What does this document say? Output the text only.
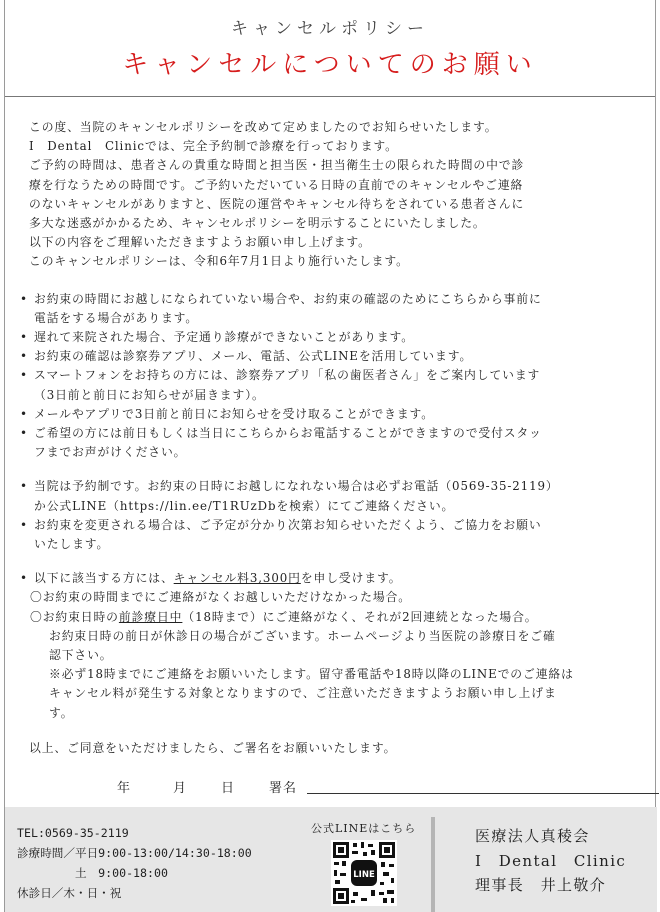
キャンセルポリシー
キャンセルについてのお願い

この度、当院のキャンセルポリシーを改めて定めましたのでお知らせいたします。

I　Dental　Clinicでは、完全予約制で診療を行っております。

ご予約の時間は、患者さんの貴重な時間と担当医・担当衛生士の限られた時間の中で診

療を行なうための時間です。ご予約いただいている日時の直前でのキャンセルやご連絡

のないキャンセルがありますと、医院の運営やキャンセル待ちをされている患者さんに

多大な迷惑がかかるため、キャンセルポリシーを明示することにいたしました。

以下の内容をご理解いただきますようお願い申し上げます。

このキャンセルポリシーは、令和6年7月1日より施行いたします。

• お約束の時間にお越しになられていない場合や、お約束の確認のためにこちらから事前に
電話をする場合があります。
• 遅れて来院された場合、予定通り診療ができないことがあります。
• お約束の確認は診察券アプリ、メール、電話、公式LINEを活用しています。
• スマートフォンをお持ちの方には、診察券アプリ「私の歯医者さん」をご案内しています
（3日前と前日にお知らせが届きます）。
• メールやアプリで3日前と前日にお知らせを受け取ることができます。
• ご希望の方には前日もしくは当日にこちらからお電話することができますので受付スタッ
フまでお声がけください。
• 当院は予約制です。お約束の日時にお越しになれない場合は必ずお電話（0569-35-2119）
か公式LINE（https://lin.ee/T1RUzDbを検索）にてご連絡ください。
• お約束を変更される場合は、ご予定が分かり次第お知らせいただくよう、ご協力をお願い
いたします。
• 以下に該当する方には、キャンセル料3,300円を申し受けます。
〇お約束の時間までにご連絡がなくお越しいただけなかった場合。
〇お約束日時の前診療日中（18時まで）にご連絡がなく、それが2回連続となった場合。
お約束日時の前日が休診日の場合がございます。ホームページより当医院の診療日をご確
認下さい。
※必ず18時までにご連絡をお願いいたします。留守番電話や18時以降のLINEでのご連絡は
キャンセル料が発生する対象となりますので、ご注意いただきますようお願い申し上げま
す。
以上、ご同意をいただけましたら、ご署名をお願いいたします。
年	月	日	署名
TEL:0569-35-2119
診療時間／平日9:00-13:00/14:30-18:00
　　　　　土　9:00-18:00
休診日／木・日・祝
公式LINEはこちら
LINE
医療法人真稜会
I　Dental　Clinic
理事長　井上敬介
